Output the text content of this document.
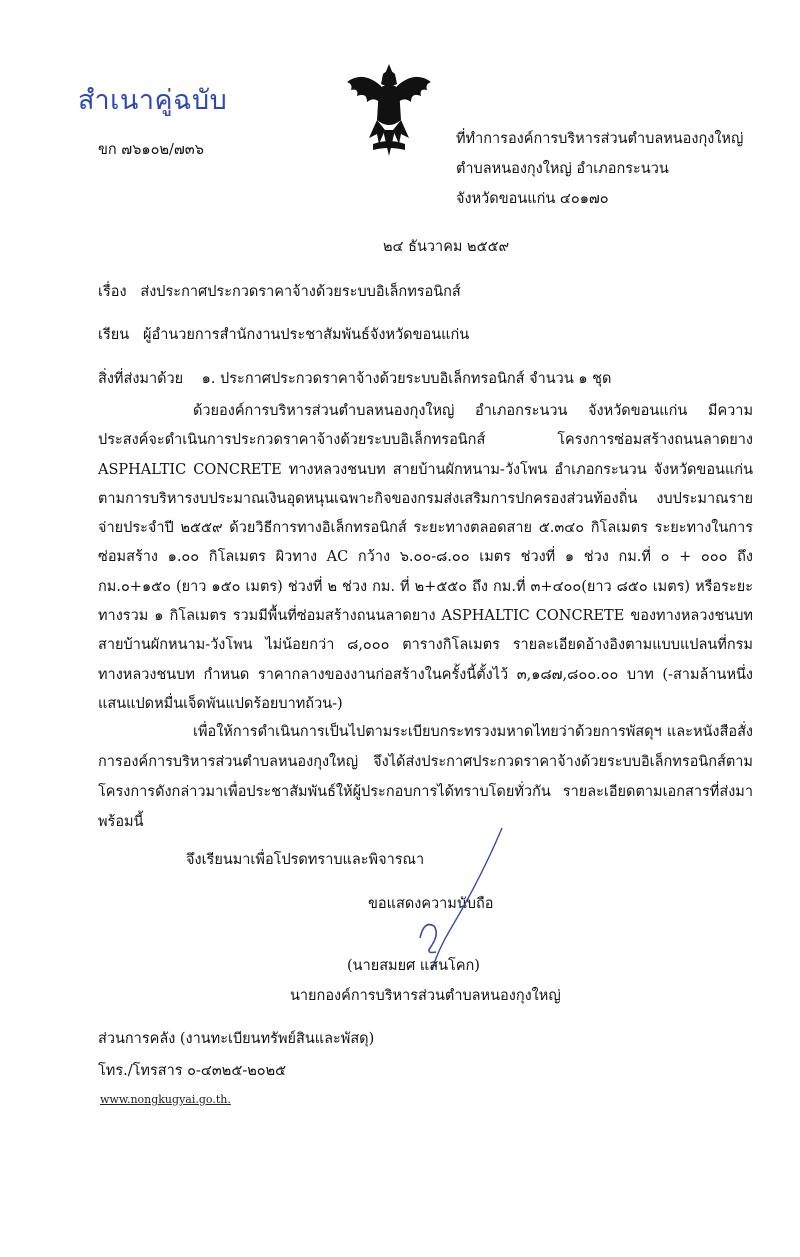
สำเนาคู่ฉบับ
ขก ๗๖๑๐๒/๗๓๖
ที่ทำการองค์การบริหารส่วนตำบลหนองกุงใหญ่
ตำบลหนองกุงใหญ่ อำเภอกระนวน
จังหวัดขอนแก่น ๔๐๑๗๐
๒๔ ธันวาคม ๒๕๕๙
เรื่อง ส่งประกาศประกวดราคาจ้างด้วยระบบอิเล็กทรอนิกส์
เรียน ผู้อำนวยการสำนักงานประชาสัมพันธ์จังหวัดขอนแก่น
สิ่งที่ส่งมาด้วย ๑. ประกาศประกวดราคาจ้างด้วยระบบอิเล็กทรอนิกส์ จำนวน ๑ ชุด
ด้วยองค์การบริหารส่วนตำบลหนองกุงใหญ่ อำเภอกระนวน จังหวัดขอนแก่น มีความประสงค์จะดำเนินการประกวดราคาจ้างด้วยระบบอิเล็กทรอนิกส์ โครงการซ่อมสร้างถนนลาดยาง ASPHALTIC CONCRETE ทางหลวงชนบท สายบ้านผักหนาม-วังโพน อำเภอกระนวน จังหวัดขอนแก่น ตามการบริหารงบประมาณเงินอุดหนุนเฉพาะกิจของกรมส่งเสริมการปกครองส่วนท้องถิ่น งบประมาณรายจ่ายประจำปี ๒๕๕๙ ด้วยวิธีการทางอิเล็กทรอนิกส์ ระยะทางตลอดสาย ๕.๓๔๐ กิโลเมตร ระยะทางในการซ่อมสร้าง ๑.๐๐ กิโลเมตร ผิวทาง AC กว้าง ๖.๐๐-๘.๐๐ เมตร ช่วงที่ ๑ ช่วง กม.ที่ ๐ + ๐๐๐ ถึง กม.๐+๑๕๐ (ยาว ๑๕๐ เมตร) ช่วงที่ ๒ ช่วง กม. ที่ ๒+๕๕๐ ถึง กม.ที่ ๓+๔๐๐(ยาว ๘๕๐ เมตร) หรือระยะทางรวม ๑ กิโลเมตร รวมมีพื้นที่ซ่อมสร้างถนนลาดยาง ASPHALTIC CONCRETE ของทางหลวงชนบท สายบ้านผักหนาม-วังโพน ไม่น้อยกว่า ๘,๐๐๐ ตารางกิโลเมตร รายละเอียดอ้างอิงตามแบบแปลนที่กรมทางหลวงชนบท กำหนด ราคากลางของงานก่อสร้างในครั้งนี้ตั้งไว้ ๓,๑๘๗,๘๐๐.๐๐ บาท (-สามล้านหนึ่งแสนแปดหมื่นเจ็ดพันแปดร้อยบาทถ้วน-)
เพื่อให้การดำเนินการเป็นไปตามระเบียบกระทรวงมหาดไทยว่าด้วยการพัสดุฯ และหนังสือสั่งการองค์การบริหารส่วนตำบลหนองกุงใหญ่ จึงได้ส่งประกาศประกวดราคาจ้างด้วยระบบอิเล็กทรอนิกส์ตามโครงการดังกล่าวมาเพื่อประชาสัมพันธ์ให้ผู้ประกอบการได้ทราบโดยทั่วกัน รายละเอียดตามเอกสารที่ส่งมาพร้อมนี้
จึงเรียนมาเพื่อโปรดทราบและพิจารณา
ขอแสดงความนับถือ
(นายสมยศ แสนโคก)
นายกองค์การบริหารส่วนตำบลหนองกุงใหญ่
ส่วนการคลัง (งานทะเบียนทรัพย์สินและพัสดุ)
โทร./โทรสาร ๐-๔๓๒๕-๒๐๒๕
www.nongkugyai.go.th.
